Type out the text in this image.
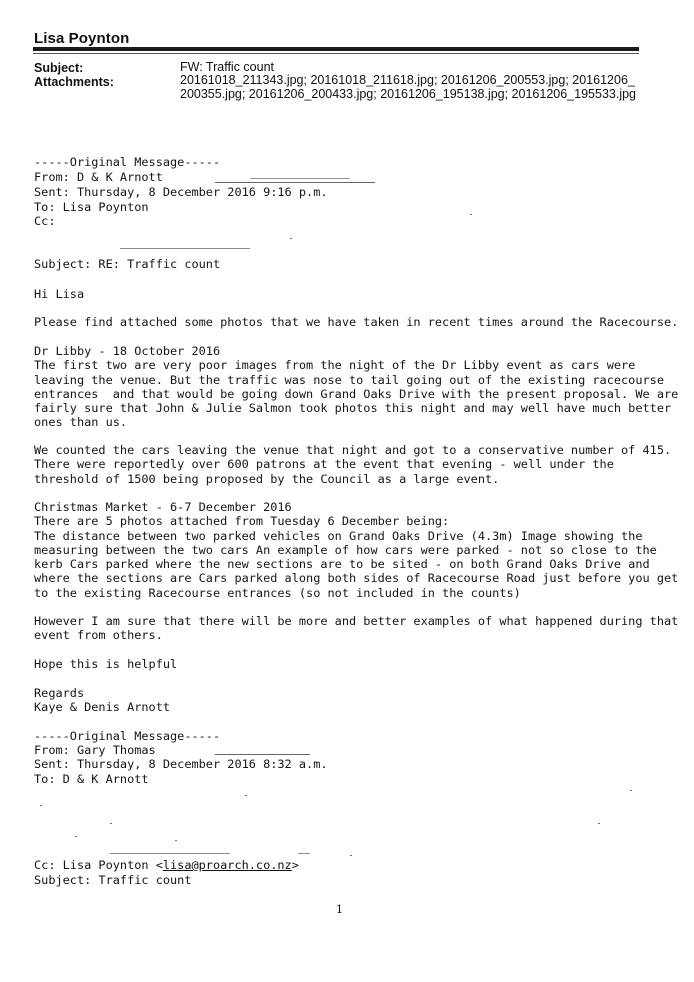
Lisa Poynton
Subject:	FW: Traffic count
Attachments:	20161018_211343.jpg; 20161018_211618.jpg; 20161206_200553.jpg; 20161206_
200355.jpg; 20161206_200433.jpg; 20161206_195138.jpg; 20161206_195533.jpg
-----Original Message-----
From: D & K Arnott
Sent: Thursday, 8 December 2016 9:16 p.m.
To: Lisa Poynton
Cc:
Subject: RE: Traffic count
Hi Lisa
Please find attached some photos that we have taken in recent times around the Racecourse.
Dr Libby - 18 October 2016
The first two are very poor images from the night of the Dr Libby event as cars were
leaving the venue. But the traffic was nose to tail going out of the existing racecourse
entrances  and that would be going down Grand Oaks Drive with the present proposal. We are
fairly sure that John & Julie Salmon took photos this night and may well have much better
ones than us.
We counted the cars leaving the venue that night and got to a conservative number of 415.
There were reportedly over 600 patrons at the event that evening - well under the
threshold of 1500 being proposed by the Council as a large event.
Christmas Market - 6-7 December 2016
There are 5 photos attached from Tuesday 6 December being:
The distance between two parked vehicles on Grand Oaks Drive (4.3m) Image showing the
measuring between the two cars An example of how cars were parked - not so close to the
kerb Cars parked where the new sections are to be sited - on both Grand Oaks Drive and
where the sections are Cars parked along both sides of Racecourse Road just before you get
to the existing Racecourse entrances (so not included in the counts)
However I am sure that there will be more and better examples of what happened during that
event from others.
Hope this is helpful
Regards
Kaye & Denis Arnott
-----Original Message-----
From: Gary Thomas
Sent: Thursday, 8 December 2016 8:32 a.m.
To: D & K Arnott
Cc: Lisa Poynton <lisa@proarch.co.nz>
Subject: Traffic count
1
